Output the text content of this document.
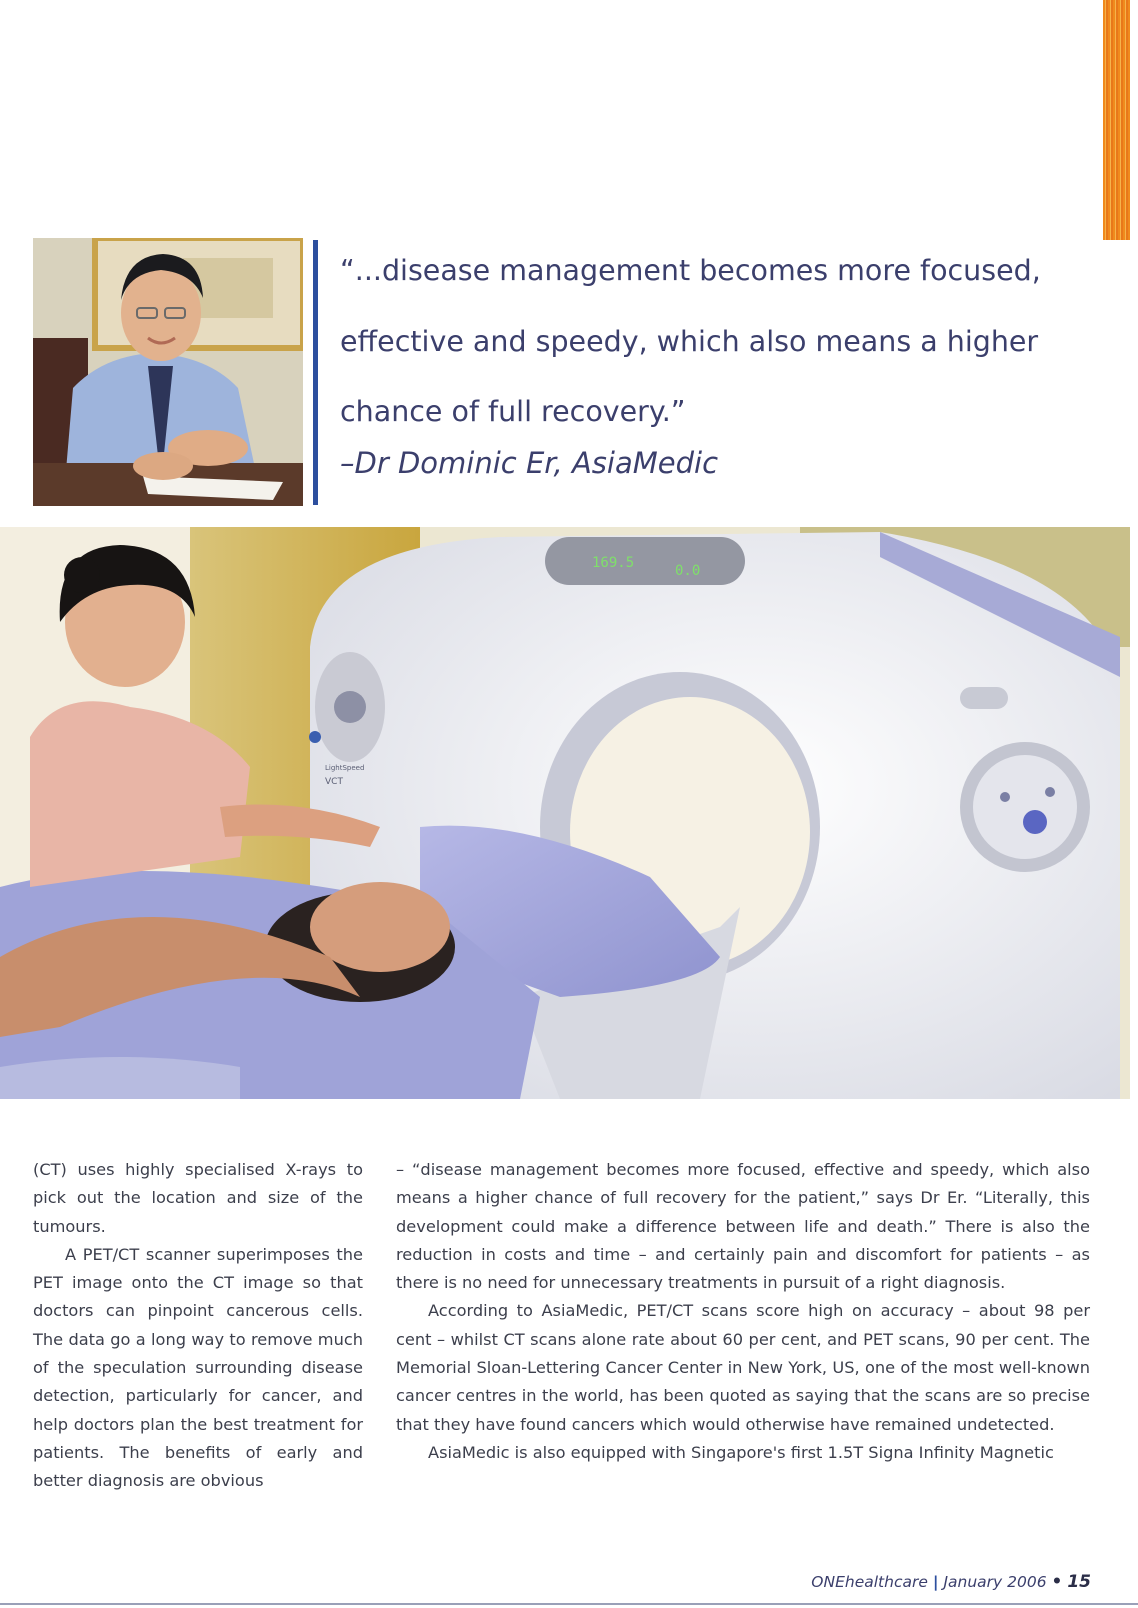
“...disease management becomes more focused,
effective and speedy, which also means a higher
chance of full recovery.”
–Dr Dominic Er, AsiaMedic
169.5	0.0
LightSpeed
VCT

(CT) uses highly specialised X-rays to pick out the location and size of the tumours.

A PET/CT scanner superimposes the PET image onto the CT image so that doctors can pinpoint cancerous cells. The data go a long way to remove much of the speculation surrounding disease detection, particularly for cancer, and help doctors plan the best treatment for patients. The benefits of early and better diagnosis are obvious

– “disease management becomes more focused, effective and speedy, which also means a higher chance of full recovery for the patient,” says Dr Er. “Literally, this development could make a difference between life and death.” There is also the reduction in costs and time – and certainly pain and discomfort for patients – as there is no need for unnecessary treatments in pursuit of a right diagnosis.

According to AsiaMedic, PET/CT scans score high on accuracy – about 98 per cent – whilst CT scans alone rate about 60 per cent, and PET scans, 90 per cent. The Memorial Sloan-Lettering Cancer Center in New York, US, one of the most well-known cancer centres in the world, has been quoted as saying that the scans are so precise that they have found cancers which would otherwise have remained undetected.

AsiaMedic is also equipped with Singapore's first 1.5T Signa Infinity Magnetic

ONEhealthcare | January 2006 • 15
